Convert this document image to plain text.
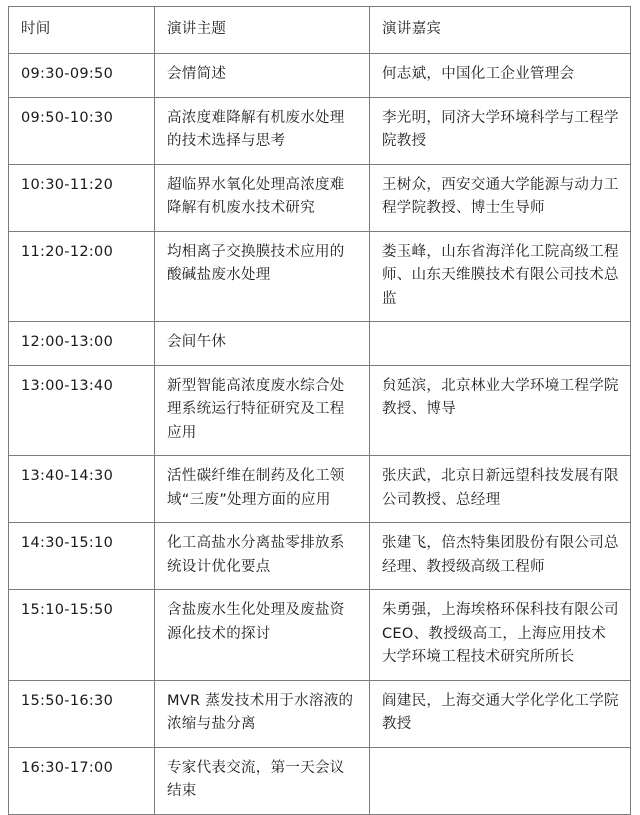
时间	演讲主题	演讲嘉宾
09:30-09:50	会情简述	何志斌，中国化工企业管理会
09:50-10:30	高浓度难降解有机废水处理的技术选择与思考	李光明，同济大学环境科学与工程学院教授
10:30-11:20	超临界水氧化处理高浓度难降解有机废水技术研究	王树众，西安交通大学能源与动力工程学院教授、博士生导师
11:20-12:00	均相离子交换膜技术应用的酸碱盐废水处理	娄玉峰，山东省海洋化工院高级工程师、山东天维膜技术有限公司技术总监
12:00-13:00	会间午休	
13:00-13:40	新型智能高浓度废水综合处理系统运行特征研究及工程应用	贠延滨，北京林业大学环境工程学院教授、博导
13:40-14:30	活性碳纤维在制药及化工领域“三废”处理方面的应用	张庆武，北京日新远望科技发展有限公司教授、总经理
14:30-15:10	化工高盐水分离盐零排放系统设计优化要点	张建飞，倍杰特集团股份有限公司总经理、教授级高级工程师
15:10-15:50	含盐废水生化处理及废盐资源化技术的探讨	朱勇强，上海埃格环保科技有限公司 CEO、教授级高工，上海应用技术大学环境工程技术研究所所长
15:50-16:30	MVR 蒸发技术用于水溶液的浓缩与盐分离	阎建民，上海交通大学化学化工学院教授
16:30-17:00	专家代表交流，第一天会议结束	
